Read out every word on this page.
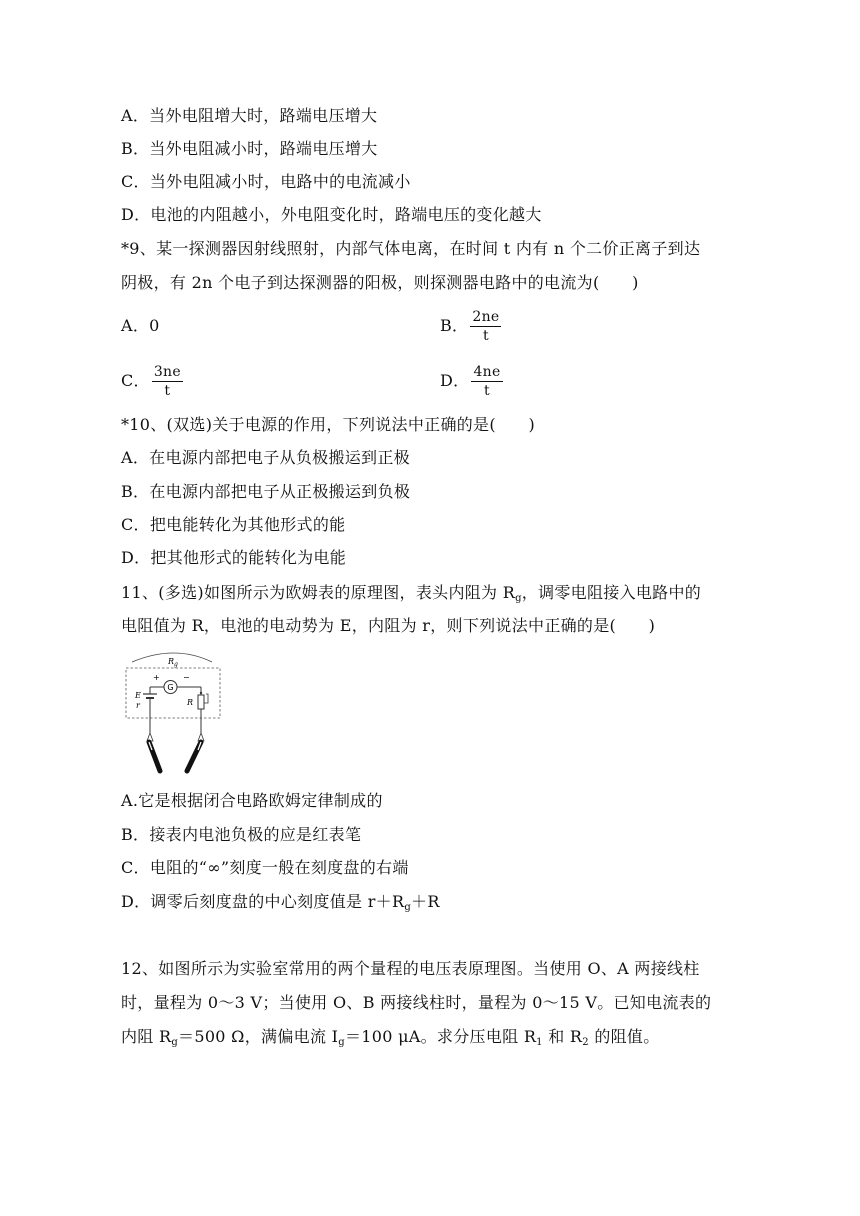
A．当外电阻增大时，路端电压增大
B．当外电阻减小时，路端电压增大
C．当外电阻减小时，电路中的电流减小
D．电池的内阻越小，外电阻变化时，路端电压的变化越大
*9、某一探测器因射线照射，内部气体电离，在时间 t 内有 n 个二价正离子到达
阴极，有 2n 个电子到达探测器的阳极，则探测器电路中的电流为(　　)
A．0	B． $\frac{2ne}{t}$
C． $\frac{3ne}{t}$	D． $\frac{4ne}{t}$
*10、(双选)关于电源的作用，下列说法中正确的是(　　)
A．在电源内部把电子从负极搬运到正极
B．在电源内部把电子从正极搬运到负极
C．把电能转化为其他形式的能
D．把其他形式的能转化为电能
11、(多选)如图所示为欧姆表的原理图，表头内阻为 $R_g$，调零电阻接入电路中的
电阻值为 R，电池的电动势为 E，内阻为 r，则下列说法中正确的是(　　)
G
$R_g$
+	−
E
r	R
A.它是根据闭合电路欧姆定律制成的
B．接表内电池负极的应是红表笔
C．电阻的“∞”刻度一般在刻度盘的右端
D．调零后刻度盘的中心刻度值是 $r+R_g+R$
12、如图所示为实验室常用的两个量程的电压表原理图。当使用 O、A 两接线柱
时，量程为 0～3 V；当使用 O、B 两接线柱时，量程为 0～15 V。已知电流表的
内阻 $R_g=500$ Ω，满偏电流 $I_g=100$ μA。求分压电阻 $R_1$ 和 $R_2$ 的阻值。
